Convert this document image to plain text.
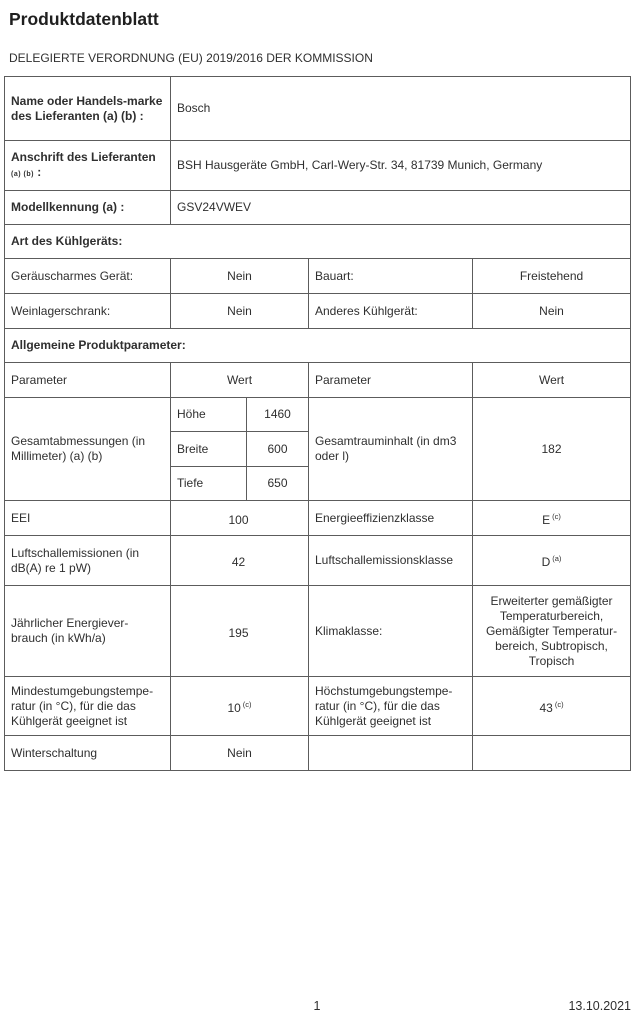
Produktdatenblatt
DELEGIERTE VERORDNUNG (EU) 2019/2016 DER KOMMISSION
Name oder Handels-marke des Lieferanten (a) (b) :	Bosch			
Anschrift des Lieferanten
(a) (b) :	BSH Hausgeräte GmbH, Carl-Wery-Str. 34, 81739 Munich, Germany			
Modellkennung (a) :	GSV24VWEV			
Art des Kühlgeräts:				
Geräuscharmes Gerät:	Nein		Bauart:	Freistehend
Weinlagerschrank:	Nein		Anderes Kühlgerät:	Nein
Allgemeine Produktparameter:				
Parameter	Wert		Parameter	Wert
Gesamtabmessungen (in Millimeter) (a) (b)	Höhe	1460	Gesamtrauminhalt (in dm3 oder l)	182
	Breite	600		
	Tiefe	650		
EEI	100		Energieeffizienzklasse	E $^{(c)}$
Luftschallemissionen (in dB(A) re 1 pW)	42		Luftschallemissionsklasse	D $^{(a)}$
Jährlicher Energiever-brauch (in kWh/a)	195		Klimaklasse:	Erweiterter gemäßigter Temperaturbereich, Gemäßigter Temperatur-bereich, Subtropisch, Tropisch
Mindestumgebungstempe-ratur (in °C), für die das Kühlgerät geeignet ist	10 $^{(c)}$		Höchstumgebungstempe-ratur (in °C), für die das Kühlgerät geeignet ist	43 $^{(c)}$
Winterschaltung	Nein			
1	13.10.2021
